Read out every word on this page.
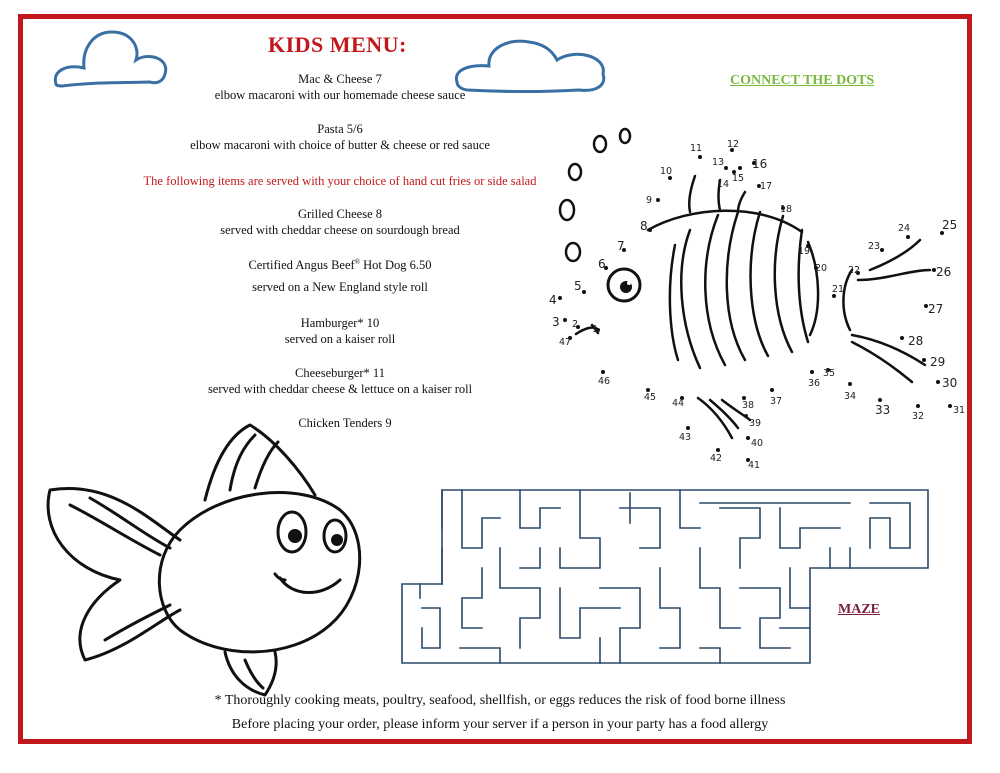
KIDS MENU:
Mac & Cheese 7
elbow macaroni with our homemade cheese sauce
Pasta 5/6
elbow macaroni with choice of butter & cheese or red sauce
The following items are served with your choice of hand cut fries or side salad
Grilled Cheese 8
served with cheddar cheese on sourdough bread
Certified Angus Beef® Hot Dog 6.50
served on a New England style roll
Hamburger* 10
served on a kaiser roll
Cheeseburger* 11
served with cheddar cheese & lettuce on a kaiser roll
Chicken Tenders 9
CONNECT THE DOTS
MAZE
1
2
3
4
5
6
7
8
9
10
11	12
13
14
15
16
17
18
19
20
21
22
23
24	25
26
27
28
29
30
31
32
33
34
35
36
37
38
39
40
41
42
43
44
45
46
47
* Thoroughly cooking meats, poultry, seafood, shellfish, or eggs reduces the risk of food borne illness
Before placing your order, please inform your server if a person in your party has a food allergy
